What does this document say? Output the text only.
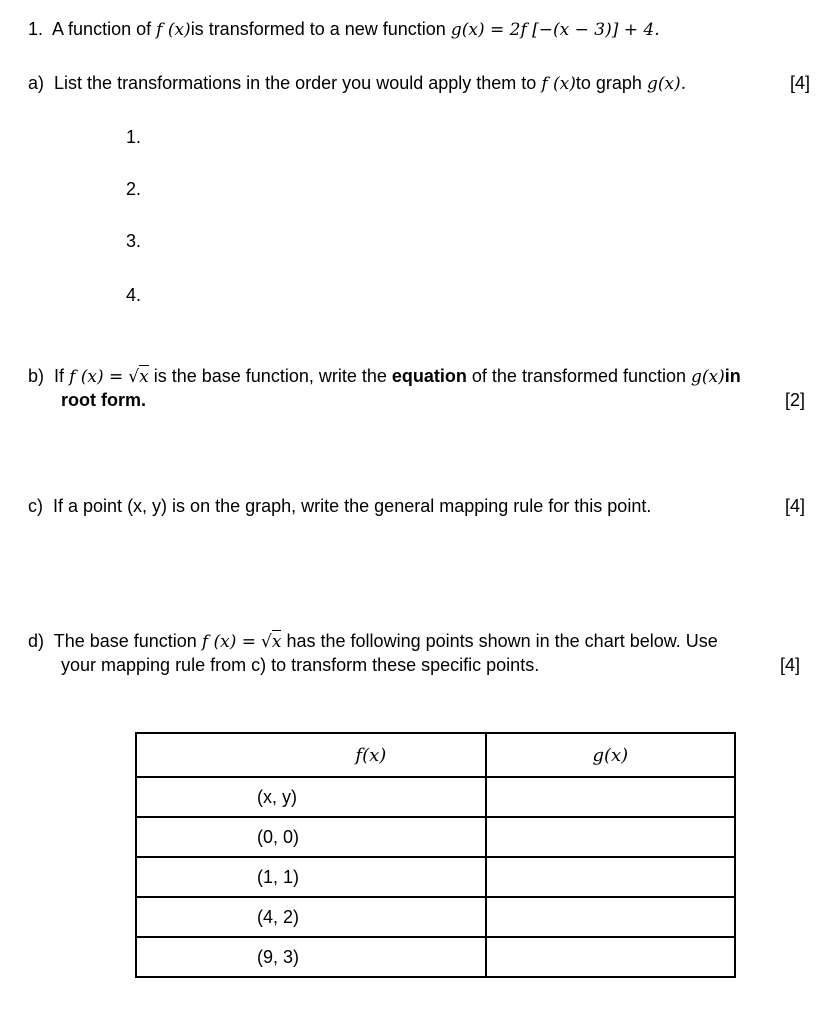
1. A function of f (x)is transformed to a new function g(x) = 2f [−(x − 3)] + 4.
a) List the transformations in the order you would apply them to f (x)to graph g(x).	[4]
1.
2.
3.
4.
b) If f (x) = √x is the base function, write the equation of the transformed function g(x)in
root form.	[2]
c) If a point (x, y) is on the graph, write the general mapping rule for this point.	[4]
d) The base function f (x) = √x has the following points shown in the chart below. Use
your mapping rule from c) to transform these specific points.	[4]
f(x)	g(x)
(x, y)	
(0, 0)	
(1, 1)	
(4, 2)	
(9, 3)	
